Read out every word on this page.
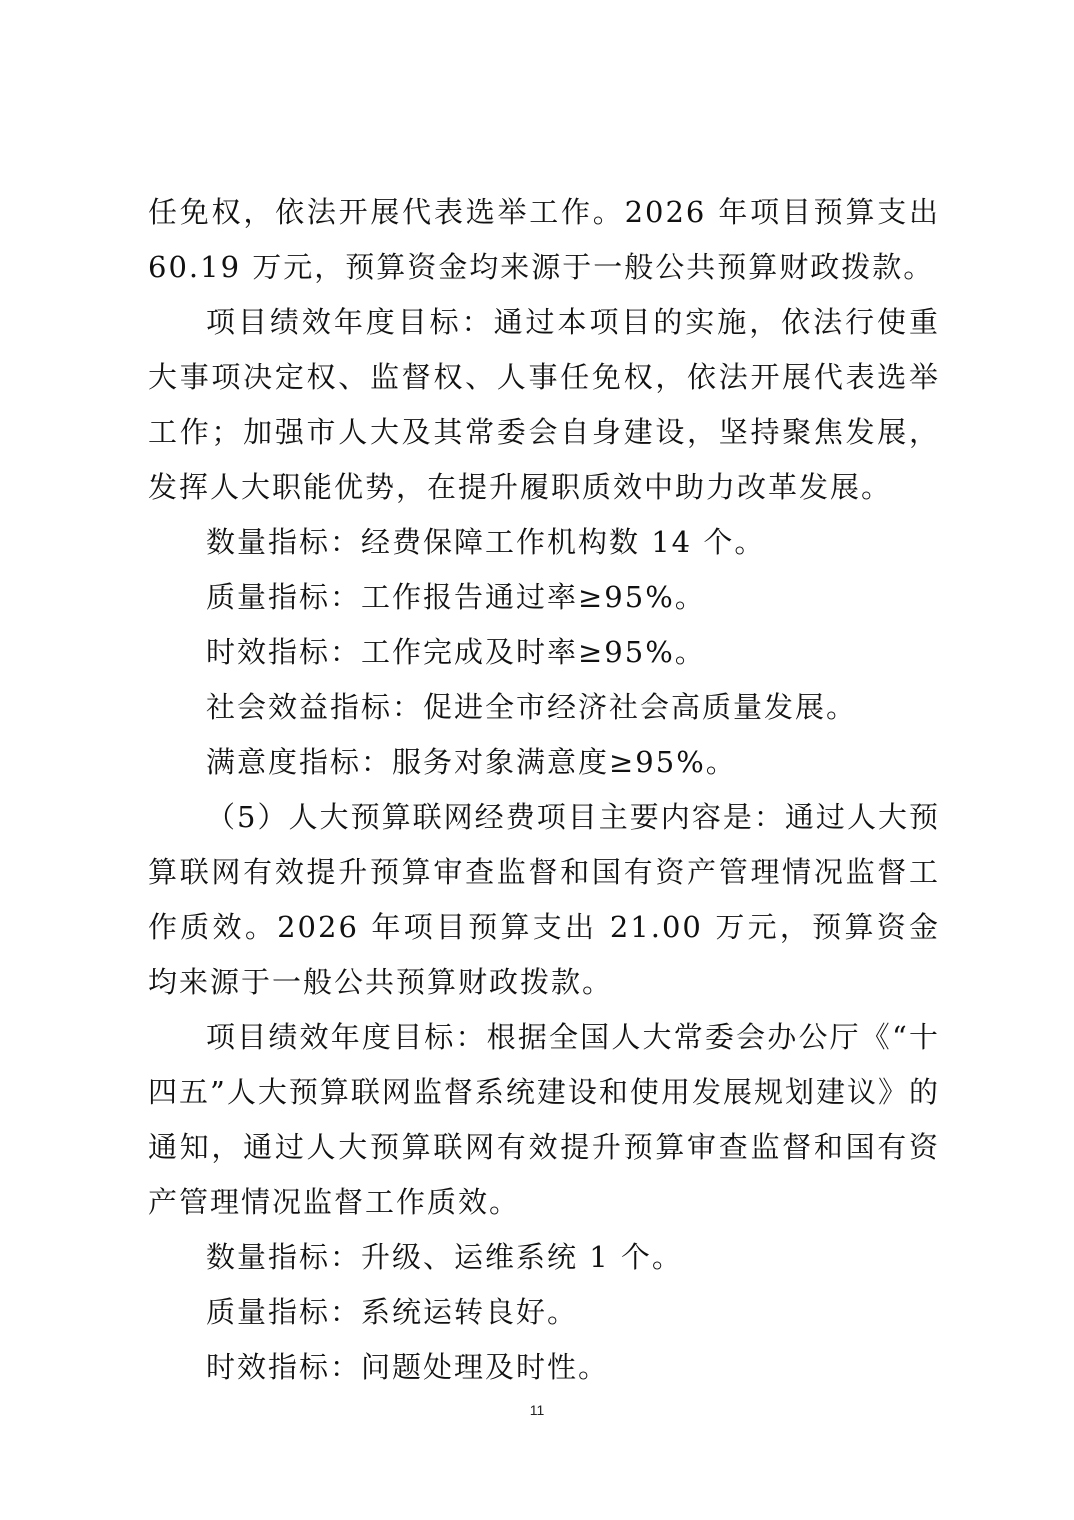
任免权，依法开展代表选举工作。2026 年项目预算支出 60.19 万元，预算资金均来源于一般公共预算财政拨款。

项目绩效年度目标：通过本项目的实施，依法行使重大事项决定权、监督权、人事任免权，依法开展代表选举工作；加强市人大及其常委会自身建设，坚持聚焦发展，发挥人大职能优势，在提升履职质效中助力改革发展。

数量指标：经费保障工作机构数 14 个。

质量指标：工作报告通过率≥95%。

时效指标：工作完成及时率≥95%。

社会效益指标：促进全市经济社会高质量发展。

满意度指标：服务对象满意度≥95%。

（5）人大预算联网经费项目主要内容是：通过人大预算联网有效提升预算审查监督和国有资产管理情况监督工作质效。2026 年项目预算支出 21.00 万元，预算资金均来源于一般公共预算财政拨款。

项目绩效年度目标：根据全国人大常委会办公厅《“十四五”人大预算联网监督系统建设和使用发展规划建议》的通知，通过人大预算联网有效提升预算审查监督和国有资产管理情况监督工作质效。

数量指标：升级、运维系统 1 个。

质量指标：系统运转良好。

时效指标：问题处理及时性。

11
